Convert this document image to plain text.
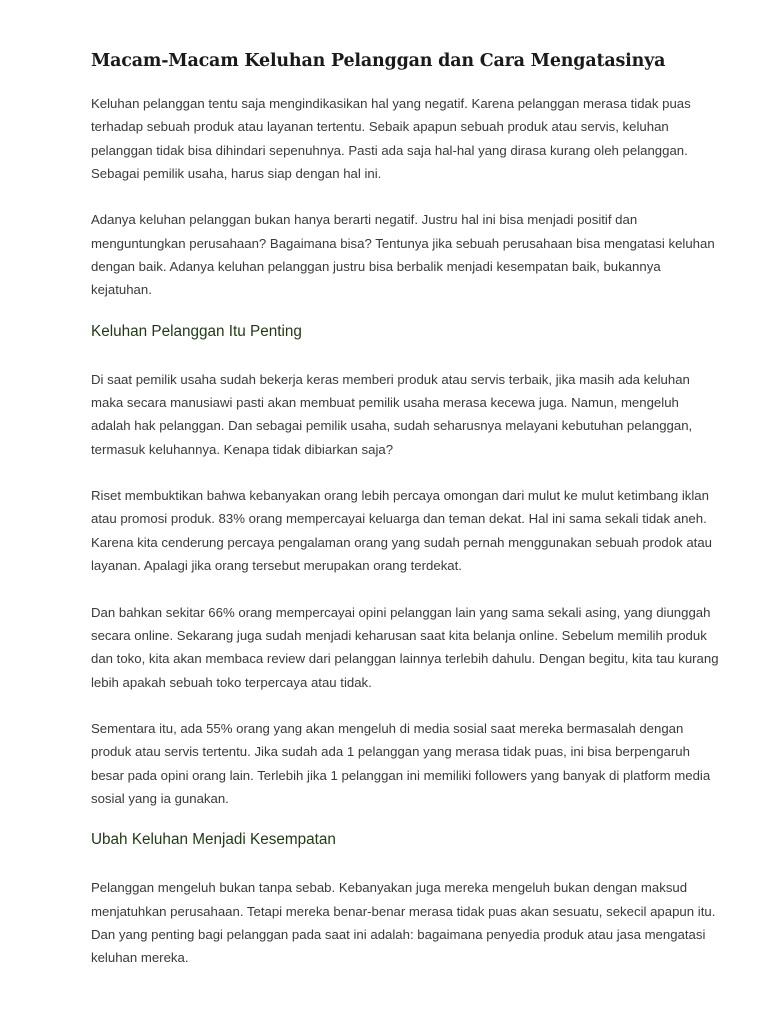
Macam-Macam Keluhan Pelanggan dan Cara Mengatasinya

Keluhan pelanggan tentu saja mengindikasikan hal yang negatif. Karena pelanggan merasa tidak puas terhadap sebuah produk atau layanan tertentu. Sebaik apapun sebuah produk atau servis, keluhan pelanggan tidak bisa dihindari sepenuhnya. Pasti ada saja hal-hal yang dirasa kurang oleh pelanggan. Sebagai pemilik usaha, harus siap dengan hal ini.

Adanya keluhan pelanggan bukan hanya berarti negatif. Justru hal ini bisa menjadi positif dan menguntungkan perusahaan? Bagaimana bisa? Tentunya jika sebuah perusahaan bisa mengatasi keluhan dengan baik. Adanya keluhan pelanggan justru bisa berbalik menjadi kesempatan baik, bukannya kejatuhan.

Keluhan Pelanggan Itu Penting

Di saat pemilik usaha sudah bekerja keras memberi produk atau servis terbaik, jika masih ada keluhan maka secara manusiawi pasti akan membuat pemilik usaha merasa kecewa juga. Namun, mengeluh adalah hak pelanggan. Dan sebagai pemilik usaha, sudah seharusnya melayani kebutuhan pelanggan, termasuk keluhannya. Kenapa tidak dibiarkan saja?

Riset membuktikan bahwa kebanyakan orang lebih percaya omongan dari mulut ke mulut ketimbang iklan atau promosi produk. 83% orang mempercayai keluarga dan teman dekat. Hal ini sama sekali tidak aneh. Karena kita cenderung percaya pengalaman orang yang sudah pernah menggunakan sebuah prodok atau layanan. Apalagi jika orang tersebut merupakan orang terdekat.

Dan bahkan sekitar 66% orang mempercayai opini pelanggan lain yang sama sekali asing, yang diunggah secara online. Sekarang juga sudah menjadi keharusan saat kita belanja online. Sebelum memilih produk dan toko, kita akan membaca review dari pelanggan lainnya terlebih dahulu. Dengan begitu, kita tau kurang lebih apakah sebuah toko terpercaya atau tidak.

Sementara itu, ada 55% orang yang akan mengeluh di media sosial saat mereka bermasalah dengan produk atau servis tertentu. Jika sudah ada 1 pelanggan yang merasa tidak puas, ini bisa berpengaruh besar pada opini orang lain. Terlebih jika 1 pelanggan ini memiliki followers yang banyak di platform media sosial yang ia gunakan.

Ubah Keluhan Menjadi Kesempatan

Pelanggan mengeluh bukan tanpa sebab. Kebanyakan juga mereka mengeluh bukan dengan maksud menjatuhkan perusahaan. Tetapi mereka benar-benar merasa tidak puas akan sesuatu, sekecil apapun itu. Dan yang penting bagi pelanggan pada saat ini adalah: bagaimana penyedia produk atau jasa mengatasi keluhan mereka.
